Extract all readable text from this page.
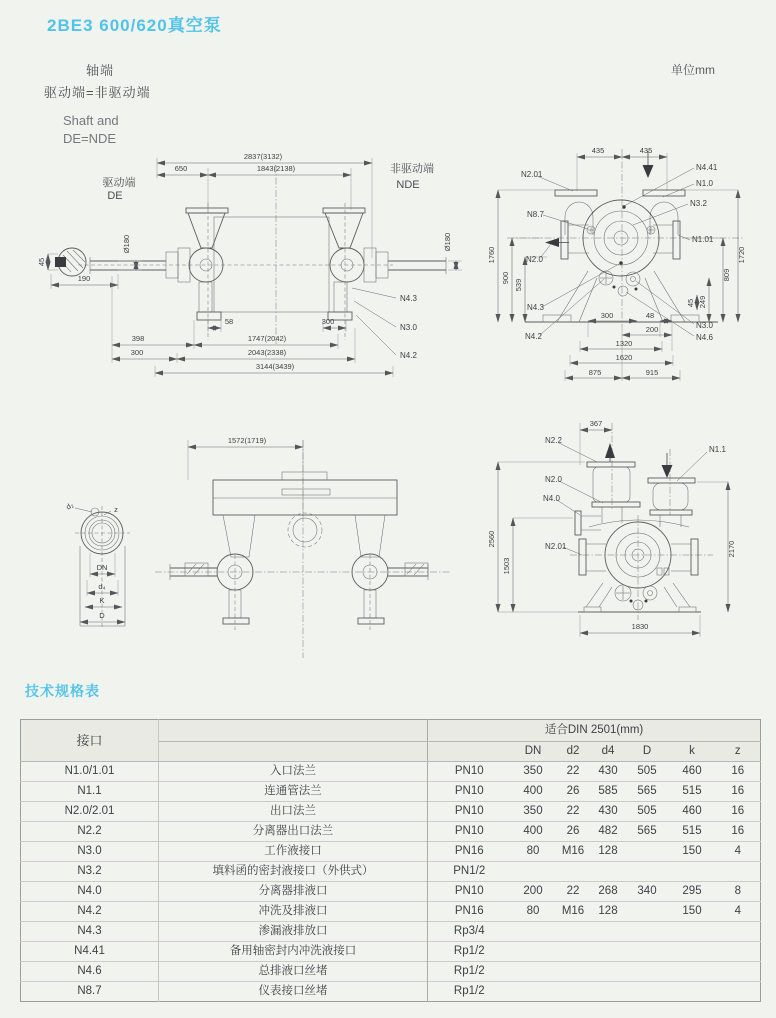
2BE3 600/620真空泵
轴端
驱动端=非驱动端
Shaft and
DE=NDE
单位mm
2837(3132)
650	1843(2138)
驱动端
DE
非驱动端
NDE
45
190
Ø180	Ø180
58	300
398	1747(2042)
300	2043(2338)
3144(3439)
N4.3
N3.0
N4.2
435	435
N2.01
N4.41
N1.0
N3.2
N8.7
N1.01
N2.0
1760
900
539
1720
809
45 249
N4.3
N4.2
N3.0
N4.6
300	48
200
1320
1620
875	915
1572(1719)
d₂	z
DN
d₄
K
D
367
N2.2
N1.1
N2.0
N4.0
N2.01
2560
1503
2170
1830
技术规格表
接口		适合DIN 2501(mm)						
			DN	d2	d4	D	k	z
N1.0/1.01	入口法兰	PN10	350	22	430	505	460	16
N1.1	连通管法兰	PN10	400	26	585	565	515	16
N2.0/2.01	出口法兰	PN10	350	22	430	505	460	16
N2.2	分离器出口法兰	PN10	400	26	482	565	515	16
N3.0	工作液接口	PN16	80	M16	128		150	4
N3.2	填料函的密封液接口（外供式）	PN1/2						
N4.0	分离器排液口	PN10	200	22	268	340	295	8
N4.2	冲洗及排液口	PN16	80	M16	128		150	4
N4.3	渗漏液排放口	Rp3/4						
N4.41	备用轴密封内冲洗液接口	Rp1/2						
N4.6	总排液口丝堵	Rp1/2						
N8.7	仪表接口丝堵	Rp1/2						
